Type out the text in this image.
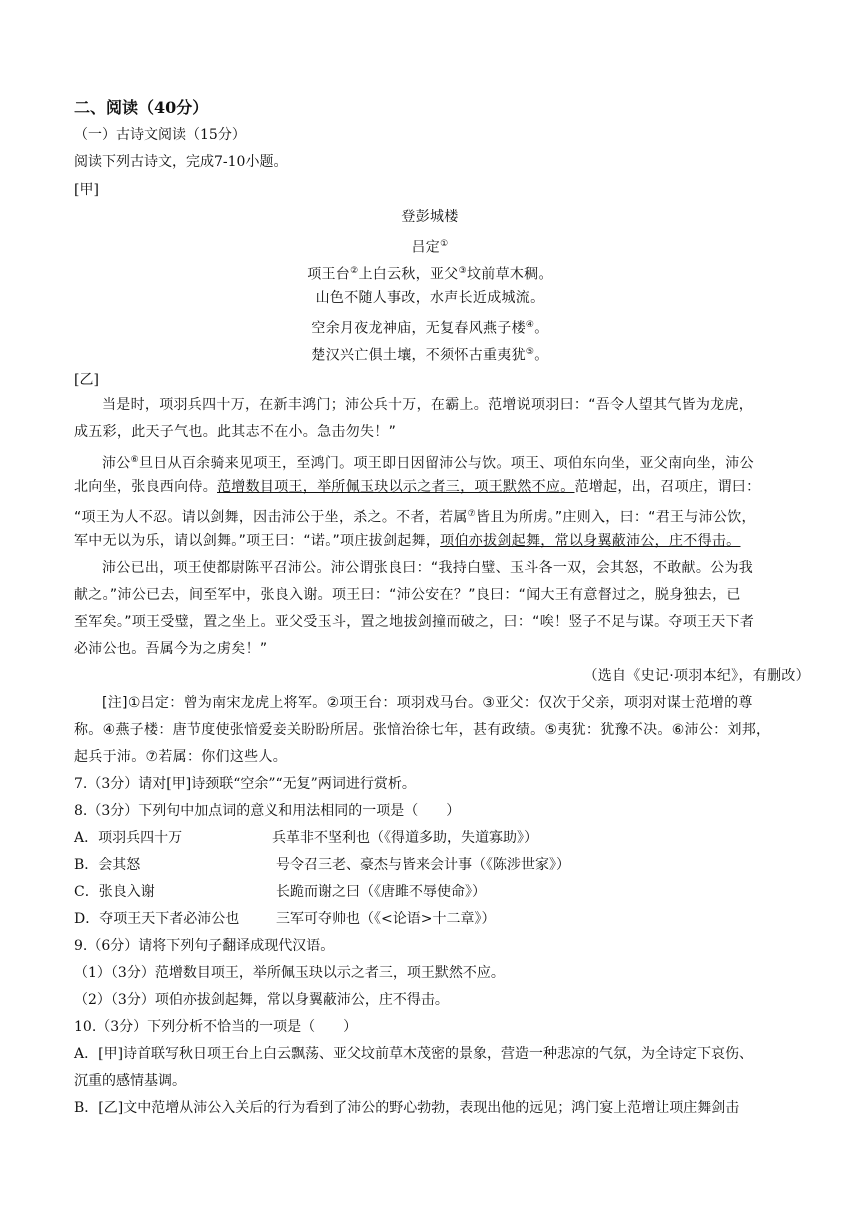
二、阅读（40分）
（一）古诗文阅读（15分）
阅读下列古诗文，完成7-10小题。
[甲]
登彭城楼
吕定①
项王台②上白云秋，亚父③坟前草木稠。
山色不随人事改，水声长近成城流。
空余月夜龙神庙，无复春风燕子楼④。
楚汉兴亡俱土壤，不须怀古重夷犹⑤。
[乙]
当是时，项羽兵四十万，在新丰鸿门；沛公兵十万，在霸上。范增说项羽曰：“吾令人望其气皆为龙虎，
成五彩，此天子气也。此其志不在小。急击勿失！”
沛公⑥旦日从百余骑来见项王，至鸿门。项王即日因留沛公与饮。项王、项伯东向坐，亚父南向坐，沛公
北向坐，张良西向侍。范增数目项王，举所佩玉玦以示之者三，项王默然不应。范增起，出，召项庄，谓曰：
“项王为人不忍。请以剑舞，因击沛公于坐，杀之。不者，若属⑦皆且为所虏。”庄则入，曰：“君王与沛公饮，
军中无以为乐，请以剑舞。”项王曰：“诺。”项庄拔剑起舞，项伯亦拔剑起舞，常以身翼蔽沛公，庄不得击。
沛公已出，项王使都尉陈平召沛公。沛公谓张良曰：“我持白璧、玉斗各一双，会其怒，不敢献。公为我
献之。”沛公已去，间至军中，张良入谢。项王曰：“沛公安在？”良曰：“闻大王有意督过之，脱身独去，已
至军矣。”项王受璧，置之坐上。亚父受玉斗，置之地拔剑撞而破之，曰：“唉！竖子不足与谋。夺项王天下者
必沛公也。吾属今为之虏矣！”
（选自《史记·项羽本纪》，有删改）
[注]①吕定：曾为南宋龙虎上将军。②项王台：项羽戏马台。③亚父：仅次于父亲，项羽对谋士范增的尊
称。④燕子楼：唐节度使张愔爱妾关盼盼所居。张愔治徐七年，甚有政绩。⑤夷犹：犹豫不决。⑥沛公：刘邦，
起兵于沛。⑦若属：你们这些人。
7.（3分）请对[甲]诗颈联“空余”“无复”两词进行赏析。
8.（3分）下列句中加点词的意义和用法相同的一项是（　　）
A．项羽兵四十万	兵革非不坚利也（《得道多助，失道寡助》）
B．会其怒	号令召三老、豪杰与皆来会计事（《陈涉世家》）
C．张良入谢	长跪而谢之曰（《唐雎不辱使命》）
D．夺项王天下者必沛公也	三军可夺帅也（《<论语>十二章》）
9.（6分）请将下列句子翻译成现代汉语。
（1）（3分）范增数目项王，举所佩玉玦以示之者三，项王默然不应。
（2）（3分）项伯亦拔剑起舞，常以身翼蔽沛公，庄不得击。
10.（3分）下列分析不恰当的一项是（　　）
A．[甲]诗首联写秋日项王台上白云飘荡、亚父坟前草木茂密的景象，营造一种悲凉的气氛，为全诗定下哀伤、
沉重的感情基调。
B．[乙]文中范增从沛公入关后的行为看到了沛公的野心勃勃，表现出他的远见；鸿门宴上范增让项庄舞剑击
